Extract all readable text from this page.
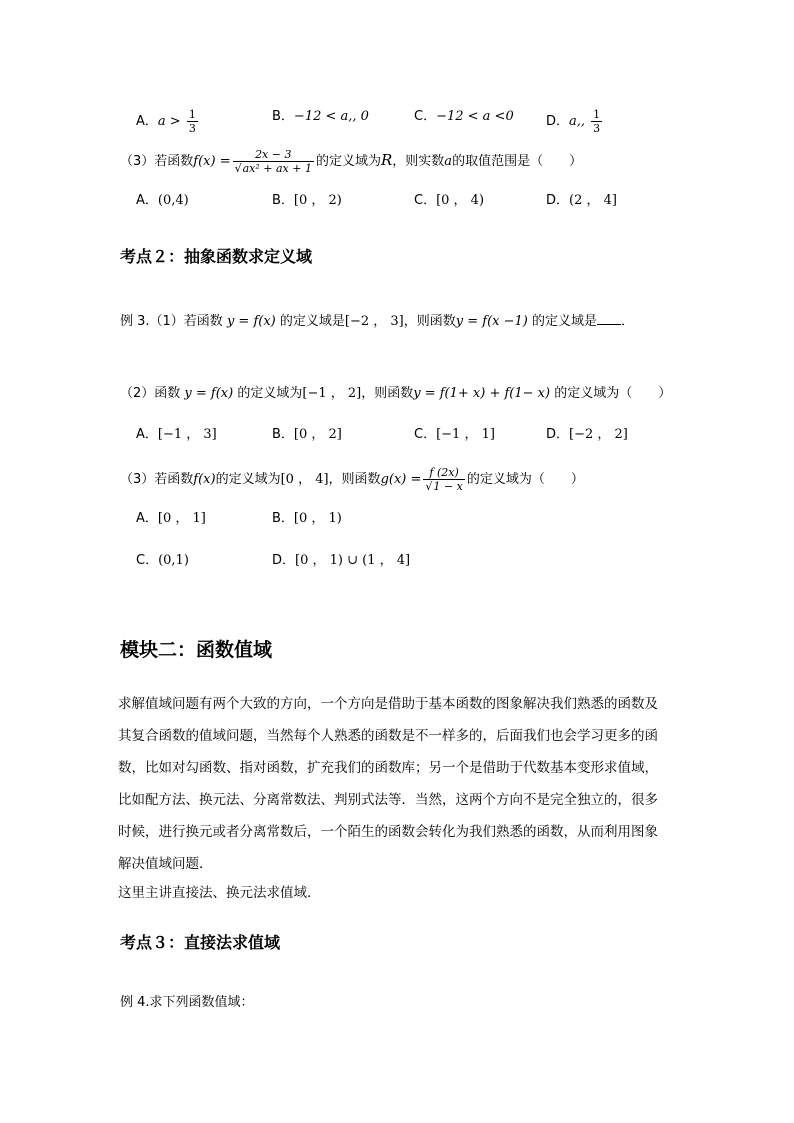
A．$a > \frac{1}{3}$	B．−12 < a,, 0	C．−12 < a <0 D．a,, $\frac{1}{3}$
（3）若函数$f(x) = \frac{2x - 3}{\text{√ax² + ax + 1}}$ 的定义域为R，则实数a的取值范围是（　　）
A．(0,4)	B．[0 ， 2)	C．[0 ， 4)	D．(2 ， 4]
考点２：抽象函数求定义域
例 3.（1）若函数 y = f(x) 的定义域是[−2 ， 3]，则函数y = f(x −1) 的定义域是 ．
（2）函数 y = f(x) 的定义域为[−1 ， 2]，则函数y = f(1+ x) + f(1− x) 的定义域为（　　）
A．[−1 ， 3]	B．[0 ， 2]	C．[−1 ， 1]	D．[−2 ， 2]
（3）若函数f(x)的定义域为[0 ， 4]，则函数$g(x) = \frac{f (2x)}{√1 - x}$ 的定义域为（　　）
A．[0 ， 1]	B．[0 ， 1)
C．(0,1)	D．[0 ， 1) ∪ (1 ， 4]
模块二：函数值域
求解值域问题有两个大致的方向，一个方向是借助于基本函数的图象解决我们熟悉的函数及
其复合函数的值域问题，当然每个人熟悉的函数是不一样多的，后面我们也会学习更多的函
数，比如对勾函数、指对函数，扩充我们的函数库；另一个是借助于代数基本变形求值域，
比如配方法、换元法、分离常数法、判别式法等．当然，这两个方向不是完全独立的，很多
时候，进行换元或者分离常数后，一个陌生的函数会转化为我们熟悉的函数，从而利用图象
解决值域问题．
这里主讲直接法、换元法求值域．
考点３：直接法求值域
例 4.求下列函数值域：
